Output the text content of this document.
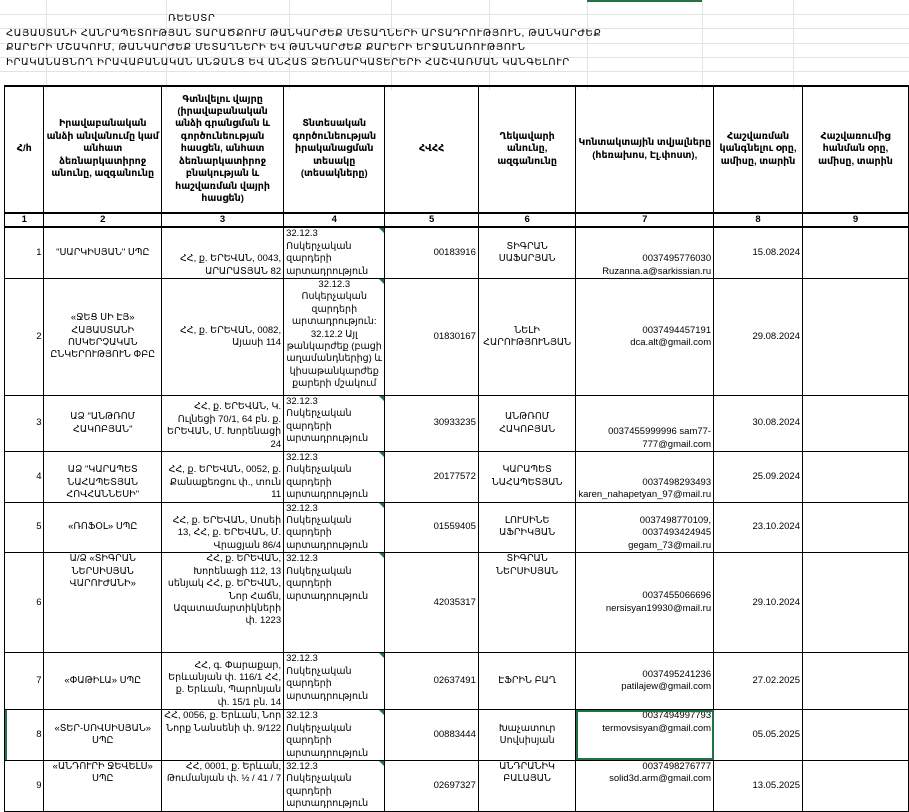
ՌԵԵՍՏՐ
ՀԱՅԱՍՏԱՆԻ ՀԱՆՐԱՊԵՏՈՒԹՅԱՆ ՏԱՐԱԾՔՈՒՄ ԹԱՆԿԱՐԺԵՔ ՄԵՏԱՂՆԵՐԻ ԱՐՏԱԴՐՈՒԹՅՈՒՆ, ԹԱՆԿԱՐԺԵՔ
ՔԱՐԵՐԻ ՄՇԱԿՈՒՄ, ԹԱՆԿԱՐԺԵՔ ՄԵՏԱՂՆԵՐԻ ԵՎ ԹԱՆԿԱՐԺԵՔ ՔԱՐԵՐԻ ԵՐՋԱՆԱՌՈՒԹՅՈՒՆ
ԻՐԱԿԱՆԱՑՆՈՂ ԻՐԱՎԱԲԱՆԱԿԱՆ ԱՆՁԱՆՑ ԵՎ ԱՆՀԱՏ ՁԵՌՆԱՐԿԱՏԵՐԵՐԻ ՀԱՇՎԱՌՄԱՆ ԿԱՆԳԵԼՈՒՐ
Հ/հ	Իրավաբանական անձի անվանումը կամ անհատ ձեռնարկատիրոջ անունը, ազգանունը	Գտնվելու վայրը (իրավաբանական անձի գրանցման և գործունեության հասցեն, անհատ ձեռնարկատիրոջ բնակության և հաշվառման վայրի հասցեն)	Տնտեսական գործունեության իրականացման տեսակը (տեսակները)	ՀՎՀՀ	Ղեկավարի անունը, ազգանունը	Կոնտակտային տվյալները (հեռախոս, Էլ.փոստ),	Հաշվառման կանգնելու օրը, ամիսը, տարին	Հաշվառումից հանման օրը, ամիսը, տարին
1	2	3	4	5	6	7	8	9
1	"ՍԱՐԿԻՍՅԱՆ" ՍՊԸ	ՀՀ, ք. ԵՐԵՎԱՆ, 0043, ԱՐԱՐԱՏՅԱՆ 82	32.12.3 Ոսկերչական զարդերի արտադրություն	00183916	ՏԻԳՐԱՆ ՍԱՖԱՐՅԱՆ	0037495776030 Ruzanna.a@sarkissian.ru	15.08.2024	
2	«ՋԵՑ ՍԻ ԷՅ» ՀԱՅԱՍՏԱՆԻ ՈՍԿԵՐՉԱԿԱՆ ԸՆԿԵՐՈՒԹՅՈՒՆ ՓԲԸ	ՀՀ, ք. ԵՐԵՎԱՆ, 0082, Այասի 114	32.12.3 Ոսկերչական զարդերի արտադրություն: 32.12.2 Այլ թանկարժեք (բացի աղամանդներից) և կիսաթանկարժեք քարերի մշակում	01830167	ՆԵԼԻ ՀԱՐՈՒԹՅՈՒՆՅԱՆ	0037494457191 dca.alt@gmail.com	29.08.2024	
3	ԱՁ "ԱՆԹՌՈՄ ՀԱԿՈԲՅԱՆ"	ՀՀ, ք. ԵՐԵՎԱՆ, Կ. Ուլնեցի 70/1, 64 բն. ք. ԵՐԵՎԱՆ, Մ. Խորենացի 24	32.12.3 Ոսկերչական զարդերի արտադրություն	30933235	ԱՆԹՌՈՄ ՀԱԿՈԲՅԱՆ	0037455999996 sam77-777@gmail.com	30.08.2024	
4	ԱՁ "ԿԱՐԱՊԵՏ ՆԱՀԱՊԵՏՅԱՆ ՀՈՎՀԱՆՆԵՍԻ"	ՀՀ, ք. ԵՐԵՎԱՆ, 0052, ք. Քանաքեռցու փ., տուն 11	32.12.3 Ոսկերչական զարդերի արտադրություն	20177572	ԿԱՐԱՊԵՏ ՆԱՀԱՊԵՏՅԱՆ	0037498293493 karen_nahapetyan_97@mail.ru	25.09.2024	
5	«ՌՈՖՕԼ» ՍՊԸ	ՀՀ, ք. ԵՐԵՎԱՆ, Սոսեի 13, ՀՀ, ք. ԵՐԵՎԱՆ, Մ. Վրացյան 86/4	32.12.3 Ոսկերչական զարդերի արտադրություն	01559405	ԼՈՒՍԻՆԵ ԱՖՐԻԿՅԱՆ	0037498770109, 0037493424945 gegam_73@mail.ru	23.10.2024	
6	Ա/Ձ «ՏԻԳՐԱՆ ՆԵՐՍԻՍՅԱՆ ՎԱՐՈՒԺԱՆԻ»	ՀՀ, ք. ԵՐԵՎԱՆ, Խորենացի 112, 13 սենյակ ՀՀ, ք. ԵՐԵՎԱՆ, Նոր Հաճն, Ազատամարտիկների փ. 1223	32.12.3 Ոսկերչական զարդերի արտադրություն	42035317	ՏԻԳՐԱՆ ՆԵՐՍԻՍՅԱՆ	0037455066696 nersisyan19930@mail.ru	29.10.2024	
7	«ՓԱԹԻԼԱ» ՍՊԸ	ՀՀ, գ. Փարաքար, Երևանյան փ. 116/1 ՀՀ, ք. Երևան, Պարոնյան փ. 15/1 բն. 14	32.12.3 Ոսկերչական զարդերի արտադրություն	02637491	ԷՖՐԻՆ ԲԱՂ	0037495241236 patilajew@gmail.com	27.02.2025	
8	«ՏԵՐ-ՍՈՎՍԻՍՅԱՆ» ՍՊԸ	ՀՀ, 0056, ք. Երևան, Նոր Նորք Նանսենի փ. 9/122	32.12.3 Ոսկերչական զարդերի արտադրություն	00883444	Խաչատուր Սովսիսյան	0037494997793 termovsisyan@gmail.com	05.05.2025	
9	«ԱՆԴՈՒՐԻ ՋԵՎԵԼՍ» ՍՊԸ	ՀՀ, 0001, ք. Երևան, Թումանյան փ. ½ / 41 / 7	32.12.3 Ոսկերչական զարդերի արտադրություն	02697327	ԱՆԴՐԱՆԻԿ ԲԱԼԱՅԱՆ	0037498276777 solid3d.arm@gmail.com	13.05.2025	
